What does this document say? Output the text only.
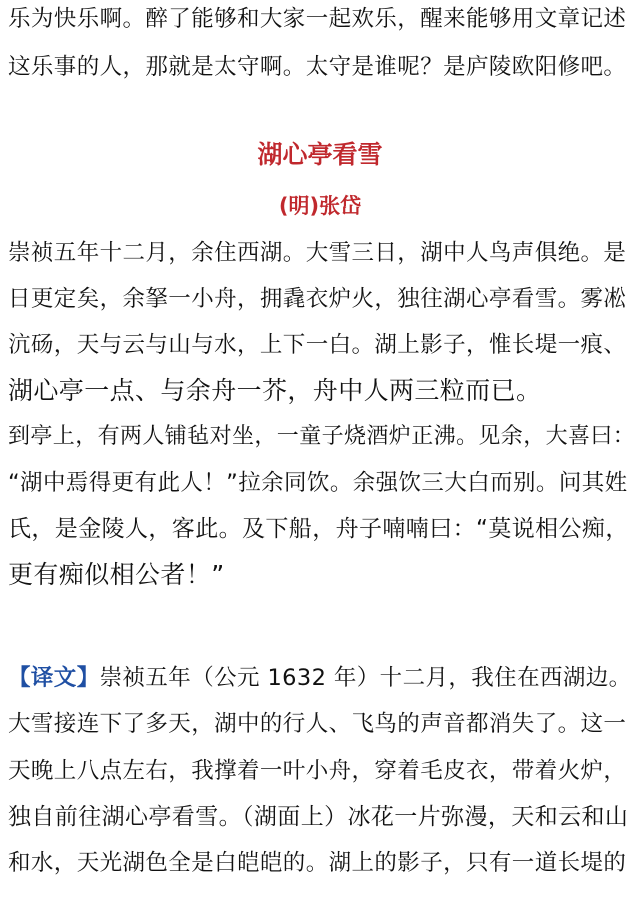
乐为快乐啊。醉了能够和大家一起欢乐，醒来能够用文章记述
这乐事的人，那就是太守啊。太守是谁呢？是庐陵欧阳修吧。
湖心亭看雪
(明)张岱
崇祯五年十二月，余住西湖。大雪三日，湖中人鸟声俱绝。是
日更定矣，余拏一小舟，拥毳衣炉火，独往湖心亭看雪。雾凇
沆砀，天与云与山与水，上下一白。湖上影子，惟长堤一痕、
湖心亭一点、与余舟一芥，舟中人两三粒而已。
到亭上，有两人铺毡对坐，一童子烧酒炉正沸。见余，大喜曰：
“湖中焉得更有此人！”拉余同饮。余强饮三大白而别。问其姓
氏，是金陵人，客此。及下船，舟子喃喃曰：“莫说相公痴，
更有痴似相公者！”
【译文】崇祯五年（公元 1632 年）十二月，我住在西湖边。
大雪接连下了多天，湖中的行人、飞鸟的声音都消失了。这一
天晚上八点左右，我撑着一叶小舟，穿着毛皮衣，带着火炉，
独自前往湖心亭看雪。（湖面上）冰花一片弥漫，天和云和山
和水，天光湖色全是白皑皑的。湖上的影子，只有一道长堤的
